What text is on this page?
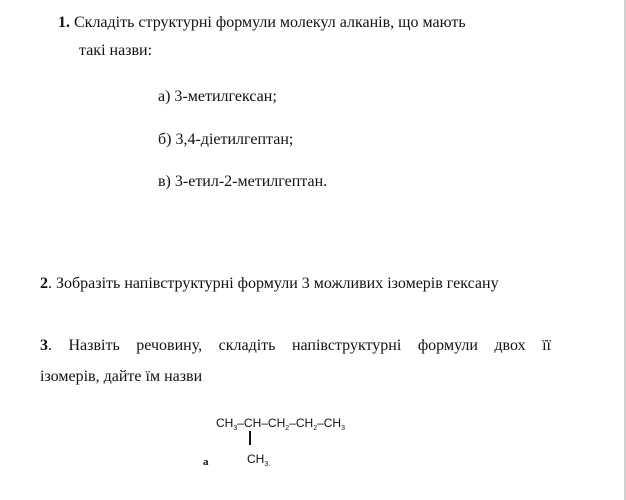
1. Складіть структурні формули молекул алканів, що мають
такі назви:
а) 3-метилгексан;
б) 3,4-діетилгептан;
в) 3-етил-2-метилгептан.
2. Зобразіть напівструктурні формули 3 можливих ізомерів гексану
3. Назвіть речовину, складіть напівструктурні формули двох її
ізомерів, дайте їм назви
$CH_3-CH-CH_2-CH_2-CH_3$
$CH_{3.}$
a
